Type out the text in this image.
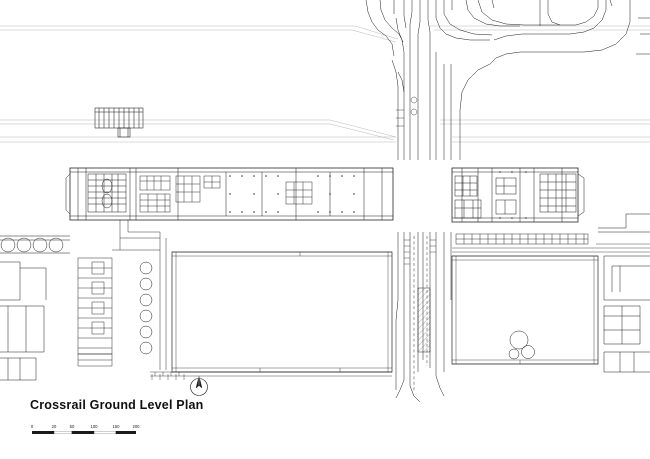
Crossrail Ground Level Plan
0	20	50	100	150	200
